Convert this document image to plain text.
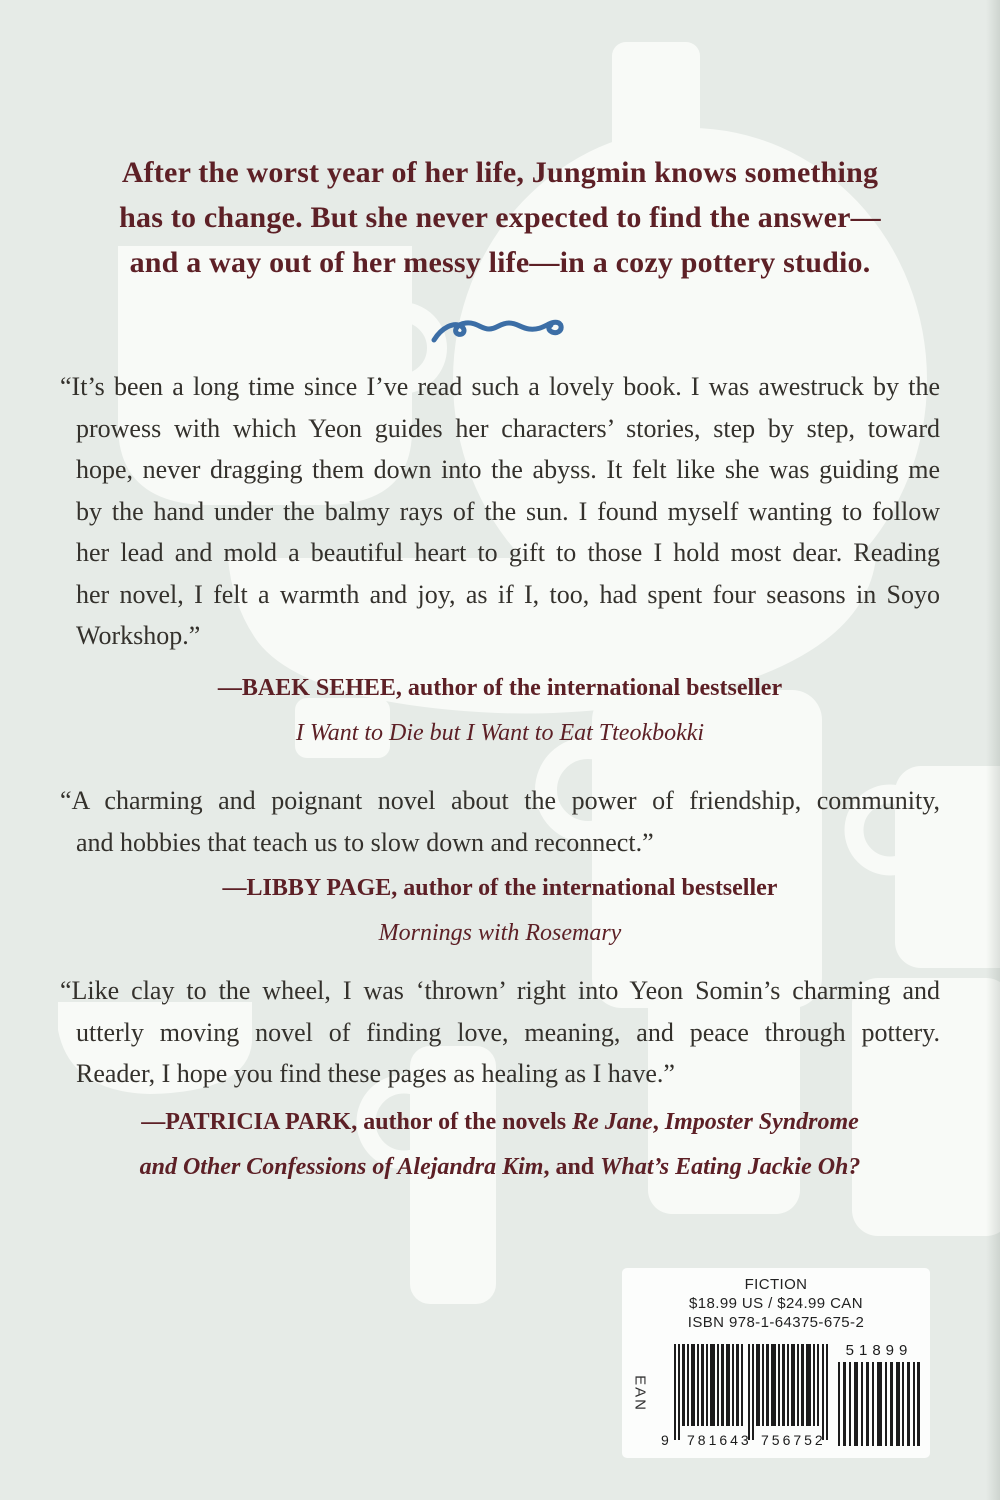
After the worst year of her life, Jungmin knows something
has to change. But she never expected to find the answer—
and a way out of her messy life—in a cozy pottery studio.
“It’s been a long time since I’ve read such a lovely book. I was awestruck by the
prowess with which Yeon guides her characters’ stories, step by step, toward
hope, never dragging them down into the abyss. It felt like she was guiding me
by the hand under the balmy rays of the sun. I found myself wanting to follow
her lead and mold a beautiful heart to gift to those I hold most dear. Reading
her novel, I felt a warmth and joy, as if I, too, had spent four seasons in Soyo
Workshop.”
—BAEK SEHEE, author of the international bestseller
I Want to Die but I Want to Eat Tteokbokki
“A charming and poignant novel about the power of friendship, community,
and hobbies that teach us to slow down and reconnect.”
—LIBBY PAGE, author of the international bestseller
Mornings with Rosemary
“Like clay to the wheel, I was ‘thrown’ right into Yeon Somin’s charming and
utterly moving novel of finding love, meaning, and peace through pottery.
Reader, I hope you find these pages as healing as I have.”
—PATRICIA PARK, author of the novels Re Jane, Imposter Syndrome
and Other Confessions of Alejandra Kim, and What’s Eating Jackie Oh?
FICTION
$18.99 US / $24.99 CAN
ISBN 978-1-64375-675-2
EAN
9 781643 756752
51899
